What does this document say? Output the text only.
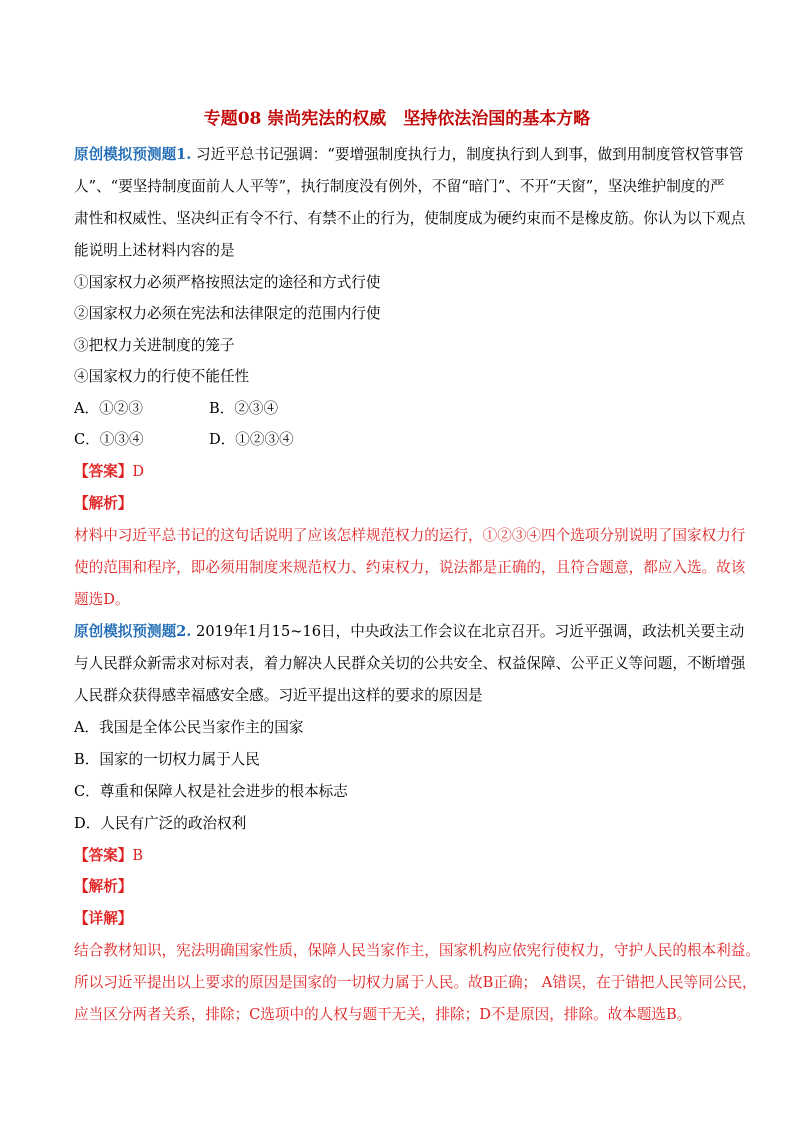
专题08 崇尚宪法的权威　坚持依法治国的基本方略
原创模拟预测题1. 习近平总书记强调：“要增强制度执行力，制度执行到人到事，做到用制度管权管事管
人”、“要坚持制度面前人人平等”，执行制度没有例外，不留“暗门”、不开“天窗”，坚决维护制度的严
肃性和权威性、坚决纠正有令不行、有禁不止的行为，使制度成为硬约束而不是橡皮筋。你认为以下观点
能说明上述材料内容的是
①国家权力必须严格按照法定的途径和方式行使
②国家权力必须在宪法和法律限定的范围内行使
③把权力关进制度的笼子
④国家权力的行使不能任性
A．①②③	B．②③④
C．①③④	D．①②③④
【答案】D
【解析】
材料中习近平总书记的这句话说明了应该怎样规范权力的运行，①②③④四个选项分别说明了国家权力行
使的范围和程序，即必须用制度来规范权力、约束权力，说法都是正确的，且符合题意，都应入选。故该
题选D。
原创模拟预测题2. 2019年1月15~16日，中央政法工作会议在北京召开。习近平强调，政法机关要主动
与人民群众新需求对标对表，着力解决人民群众关切的公共安全、权益保障、公平正义等问题，不断增强
人民群众获得感幸福感安全感。习近平提出这样的要求的原因是
A．我国是全体公民当家作主的国家
B．国家的一切权力属于人民
C．尊重和保障人权是社会进步的根本标志
D．人民有广泛的政治权利
【答案】B
【解析】
【详解】
结合教材知识，宪法明确国家性质，保障人民当家作主，国家机构应依宪行使权力，守护人民的根本利益。
所以习近平提出以上要求的原因是国家的一切权力属于人民。故B正确； A错误，在于错把人民等同公民，
应当区分两者关系，排除；C选项中的人权与题干无关，排除；D不是原因，排除。故本题选B。
